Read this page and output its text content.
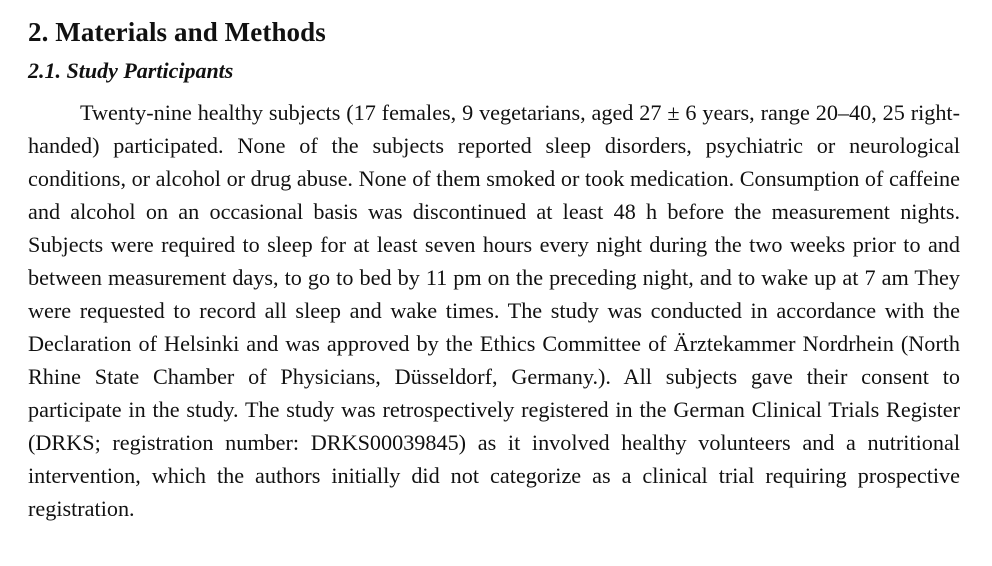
2. Materials and Methods
2.1. Study Participants

Twenty-nine healthy subjects (17 females, 9 vegetarians, aged 27 ± 6 years, range 20–40, 25 right-handed) participated. None of the subjects reported sleep disorders, psychiatric or neurological conditions, or alcohol or drug abuse. None of them smoked or took medication. Consumption of caffeine and alcohol on an occasional basis was discontinued at least 48 h before the measurement nights. Subjects were required to sleep for at least seven hours every night during the two weeks prior to and between measurement days, to go to bed by 11 pm on the preceding night, and to wake up at 7 am They were requested to record all sleep and wake times. The study was conducted in accordance with the Declaration of Helsinki and was approved by the Ethics Committee of Ärztekammer Nordrhein (North Rhine State Chamber of Physicians, Düsseldorf, Germany.). All subjects gave their consent to participate in the study. The study was retrospectively registered in the German Clinical Trials Register (DRKS; registration number: DRKS00039845) as it involved healthy volunteers and a nutritional intervention, which the authors initially did not categorize as a clinical trial requiring prospective registration.
